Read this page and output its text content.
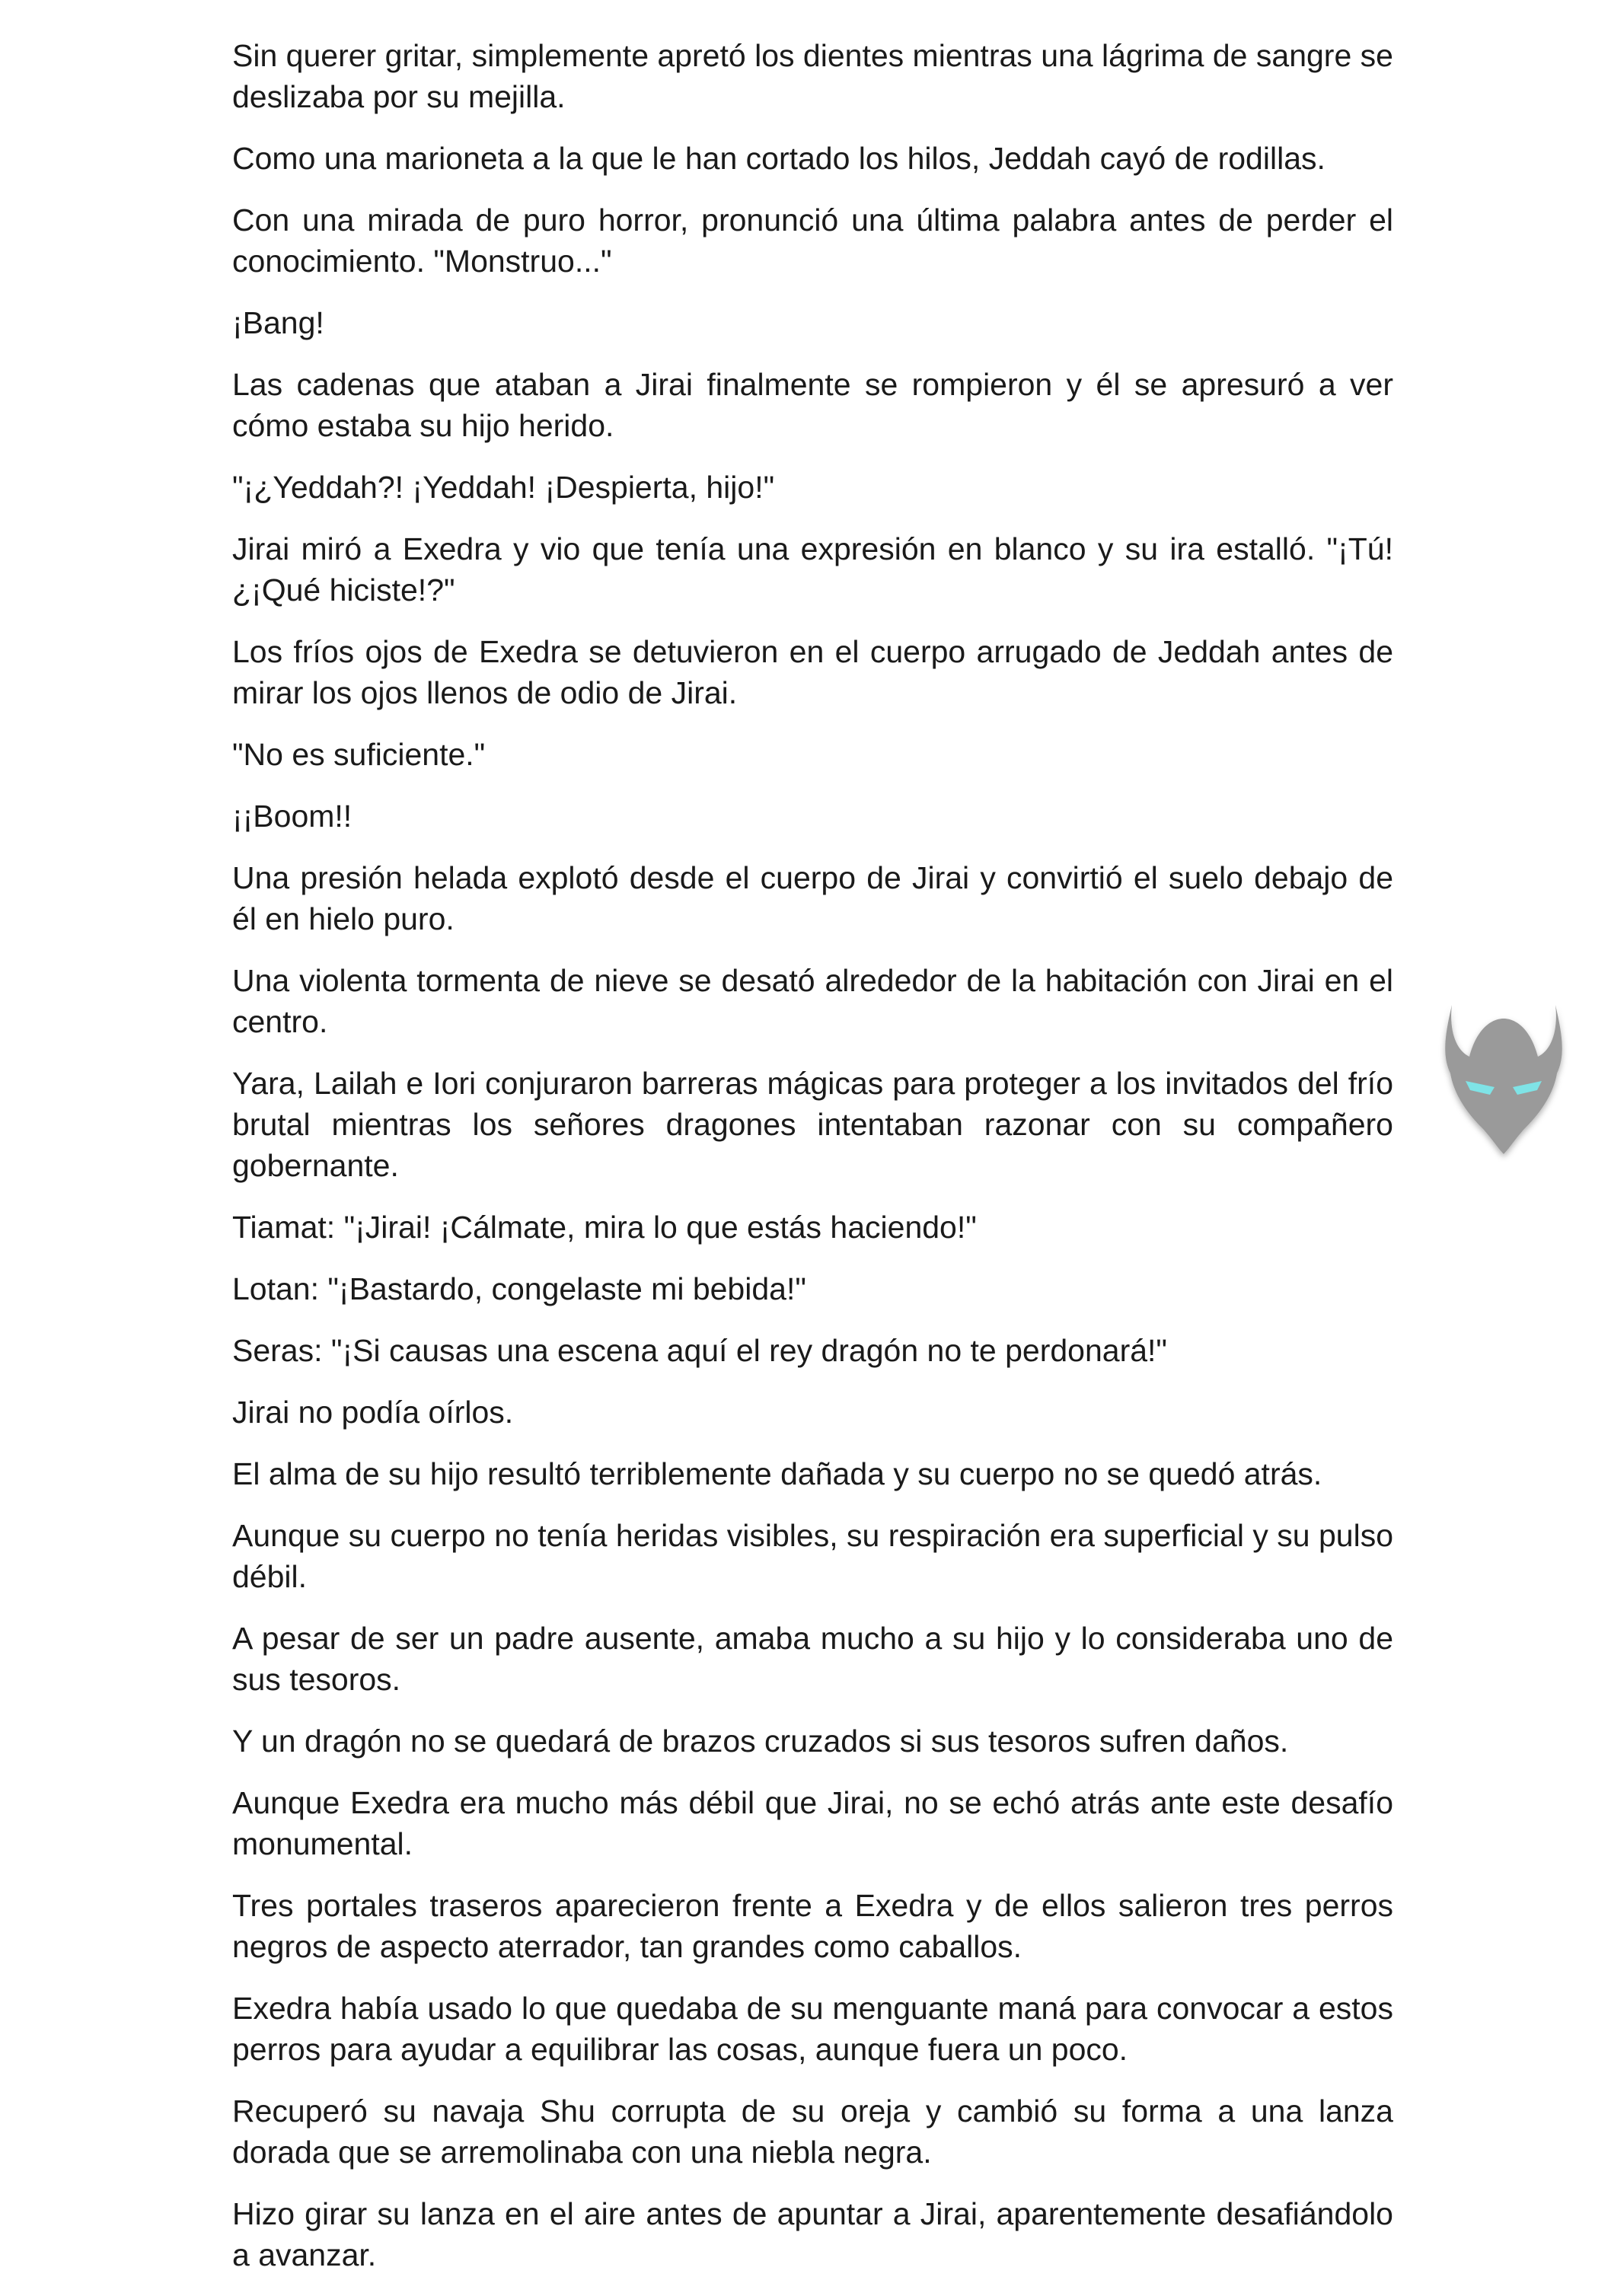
Sin querer gritar, simplemente apretó los dientes mientras una lágrima de sangre se deslizaba por su mejilla.

Como una marioneta a la que le han cortado los hilos, Jeddah cayó de rodillas.

Con una mirada de puro horror, pronunció una última palabra antes de perder el conocimiento. "Monstruo..."

¡Bang!

Las cadenas que ataban a Jirai finalmente se rompieron y él se apresuró a ver cómo estaba su hijo herido.

"¡¿Yeddah?! ¡Yeddah! ¡Despierta, hijo!"

Jirai miró a Exedra y vio que tenía una expresión en blanco y su ira estalló. "¡Tú! ¿¡Qué hiciste!?"

Los fríos ojos de Exedra se detuvieron en el cuerpo arrugado de Jeddah antes de mirar los ojos llenos de odio de Jirai.

"No es suficiente."

¡¡Boom!!

Una presión helada explotó desde el cuerpo de Jirai y convirtió el suelo debajo de él en hielo puro.

Una violenta tormenta de nieve se desató alrededor de la habitación con Jirai en el centro.

Yara, Lailah e Iori conjuraron barreras mágicas para proteger a los invitados del frío brutal mientras los señores dragones intentaban razonar con su compañero gobernante.

Tiamat: "¡Jirai! ¡Cálmate, mira lo que estás haciendo!"

Lotan: "¡Bastardo, congelaste mi bebida!"

Seras: "¡Si causas una escena aquí el rey dragón no te perdonará!"

Jirai no podía oírlos.

El alma de su hijo resultó terriblemente dañada y su cuerpo no se quedó atrás.

Aunque su cuerpo no tenía heridas visibles, su respiración era superficial y su pulso débil.

A pesar de ser un padre ausente, amaba mucho a su hijo y lo consideraba uno de sus tesoros.

Y un dragón no se quedará de brazos cruzados si sus tesoros sufren daños.

Aunque Exedra era mucho más débil que Jirai, no se echó atrás ante este desafío monumental.

Tres portales traseros aparecieron frente a Exedra y de ellos salieron tres perros negros de aspecto aterrador, tan grandes como caballos.

Exedra había usado lo que quedaba de su menguante maná para convocar a estos perros para ayudar a equilibrar las cosas, aunque fuera un poco.

Recuperó su navaja Shu corrupta de su oreja y cambió su forma a una lanza dorada que se arremolinaba con una niebla negra.

Hizo girar su lanza en el aire antes de apuntar a Jirai, aparentemente desafiándolo a avanzar.
